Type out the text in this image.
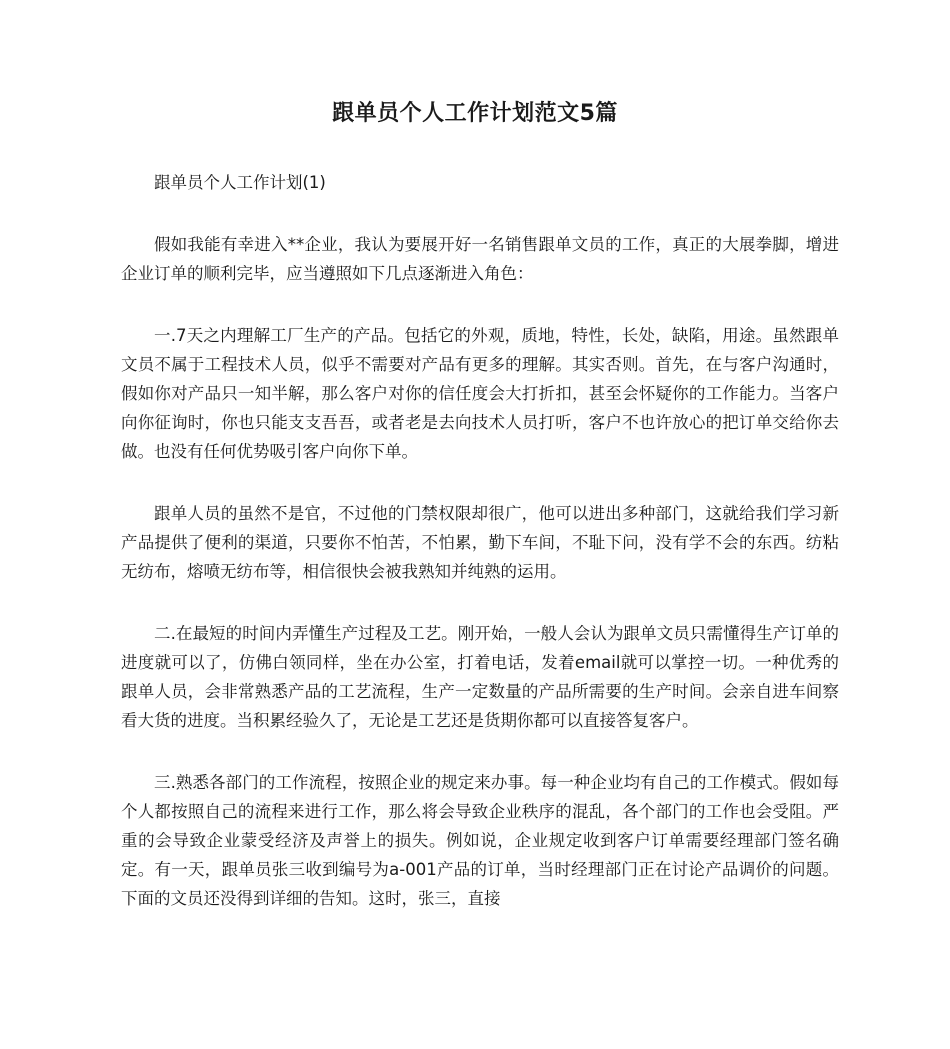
跟单员个人工作计划范文5篇

跟单员个人工作计划(1)

假如我能有幸进入**企业，我认为要展开好一名销售跟单文员的工作，真正的大展拳脚，增进企业订单的顺利完毕，应当遵照如下几点逐渐进入角色：

一.7天之内理解工厂生产的产品。包括它的外观，质地，特性，长处，缺陷，用途。虽然跟单文员不属于工程技术人员，似乎不需要对产品有更多的理解。其实否则。首先，在与客户沟通时，假如你对产品只一知半解，那么客户对你的信任度会大打折扣，甚至会怀疑你的工作能力。当客户向你征询时，你也只能支支吾吾，或者老是去向技术人员打听，客户不也许放心的把订单交给你去做。也没有任何优势吸引客户向你下单。

跟单人员的虽然不是官，不过他的门禁权限却很广，他可以进出多种部门，这就给我们学习新产品提供了便利的渠道，只要你不怕苦，不怕累，勤下车间，不耻下问，没有学不会的东西。纺粘无纺布，熔喷无纺布等，相信很快会被我熟知并纯熟的运用。

二.在最短的时间内弄懂生产过程及工艺。刚开始，一般人会认为跟单文员只需懂得生产订单的进度就可以了，仿佛白领同样，坐在办公室，打着电话，发着email就可以掌控一切。一种优秀的跟单人员，会非常熟悉产品的工艺流程，生产一定数量的产品所需要的生产时间。会亲自进车间察看大货的进度。当积累经验久了，无论是工艺还是货期你都可以直接答复客户。

三.熟悉各部门的工作流程，按照企业的规定来办事。每一种企业均有自己的工作模式。假如每个人都按照自己的流程来进行工作，那么将会导致企业秩序的混乱，各个部门的工作也会受阻。严重的会导致企业蒙受经济及声誉上的损失。例如说，企业规定收到客户订单需要经理部门签名确定。有一天，跟单员张三收到编号为a-001产品的订单，当时经理部门正在讨论产品调价的问题。下面的文员还没得到详细的告知。这时，张三，直接
